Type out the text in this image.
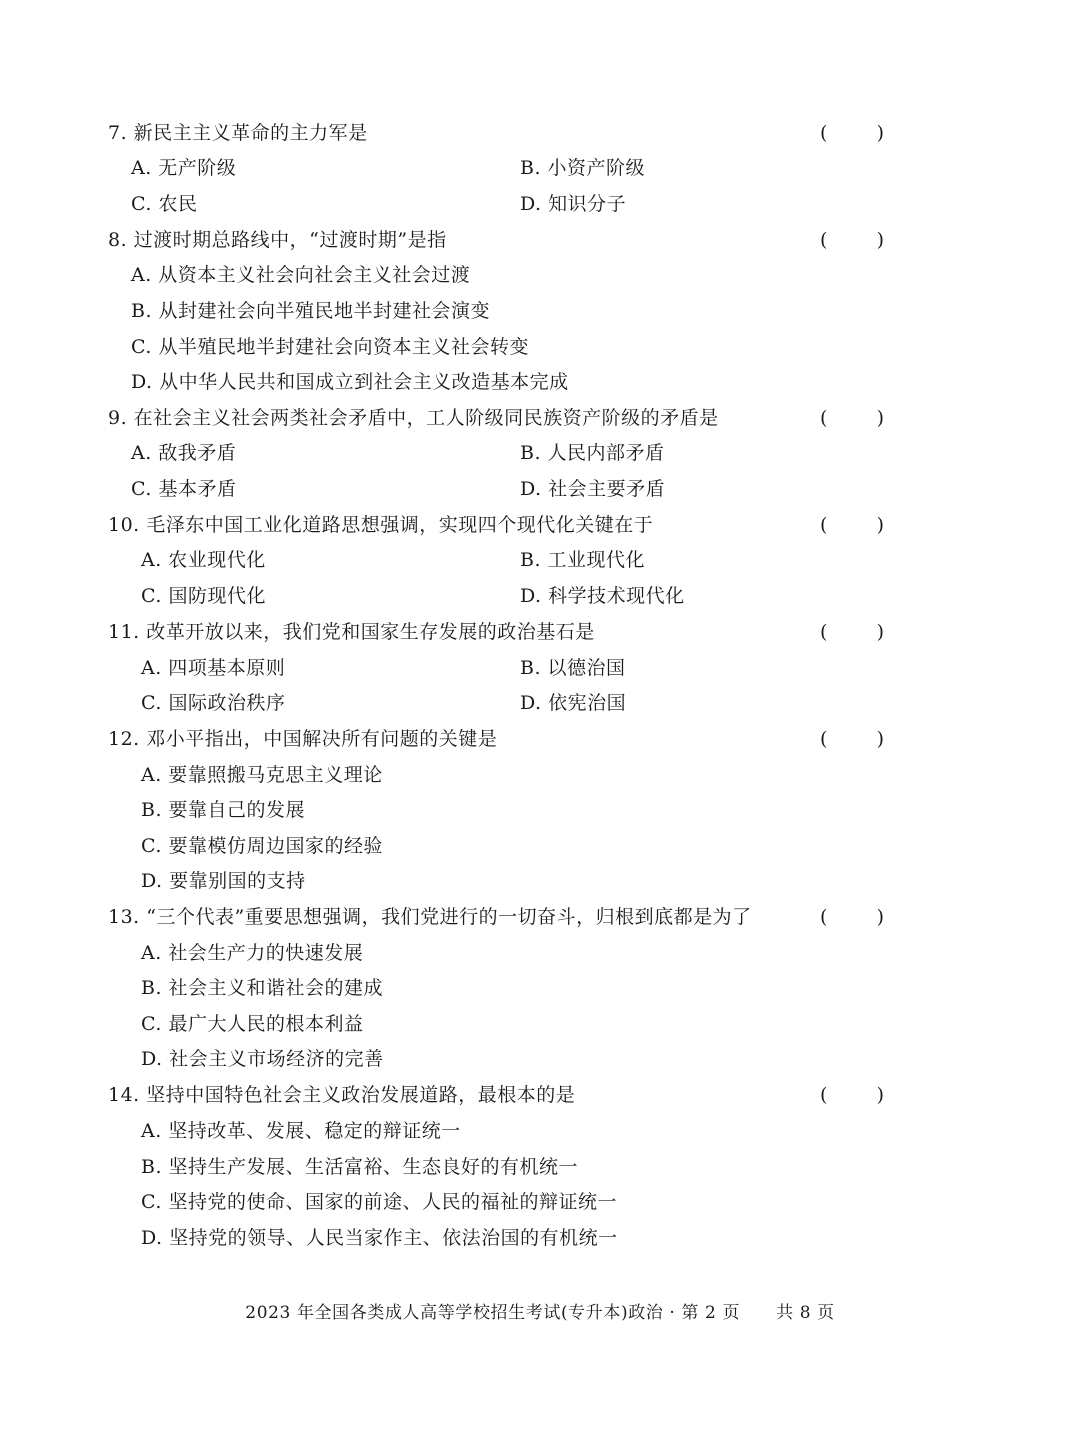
7. 新民主主义革命的主力军是	(	)
A. 无产阶级	B. 小资产阶级
C. 农民	D. 知识分子
8. 过渡时期总路线中，“过渡时期”是指	(	)
A. 从资本主义社会向社会主义社会过渡
B. 从封建社会向半殖民地半封建社会演变
C. 从半殖民地半封建社会向资本主义社会转变
D. 从中华人民共和国成立到社会主义改造基本完成
9. 在社会主义社会两类社会矛盾中，工人阶级同民族资产阶级的矛盾是	(	)
A. 敌我矛盾	B. 人民内部矛盾
C. 基本矛盾	D. 社会主要矛盾
10. 毛泽东中国工业化道路思想强调，实现四个现代化关键在于	(	)
A. 农业现代化	B. 工业现代化
C. 国防现代化	D. 科学技术现代化
11. 改革开放以来，我们党和国家生存发展的政治基石是	(	)
A. 四项基本原则	B. 以德治国
C. 国际政治秩序	D. 依宪治国
12. 邓小平指出，中国解决所有问题的关键是	(	)
A. 要靠照搬马克思主义理论
B. 要靠自己的发展
C. 要靠模仿周边国家的经验
D. 要靠别国的支持
13. “三个代表”重要思想强调，我们党进行的一切奋斗，归根到底都是为了	(	)
A. 社会生产力的快速发展
B. 社会主义和谐社会的建成
C. 最广大人民的根本利益
D. 社会主义市场经济的完善
14. 坚持中国特色社会主义政治发展道路，最根本的是	(	)
A. 坚持改革、发展、稳定的辩证统一
B. 坚持生产发展、生活富裕、生态良好的有机统一
C. 坚持党的使命、国家的前途、人民的福祉的辩证统一
D. 坚持党的领导、人民当家作主、依法治国的有机统一
2023 年全国各类成人高等学校招生考试(专升本)政治 · 第 2 页 共 8 页
